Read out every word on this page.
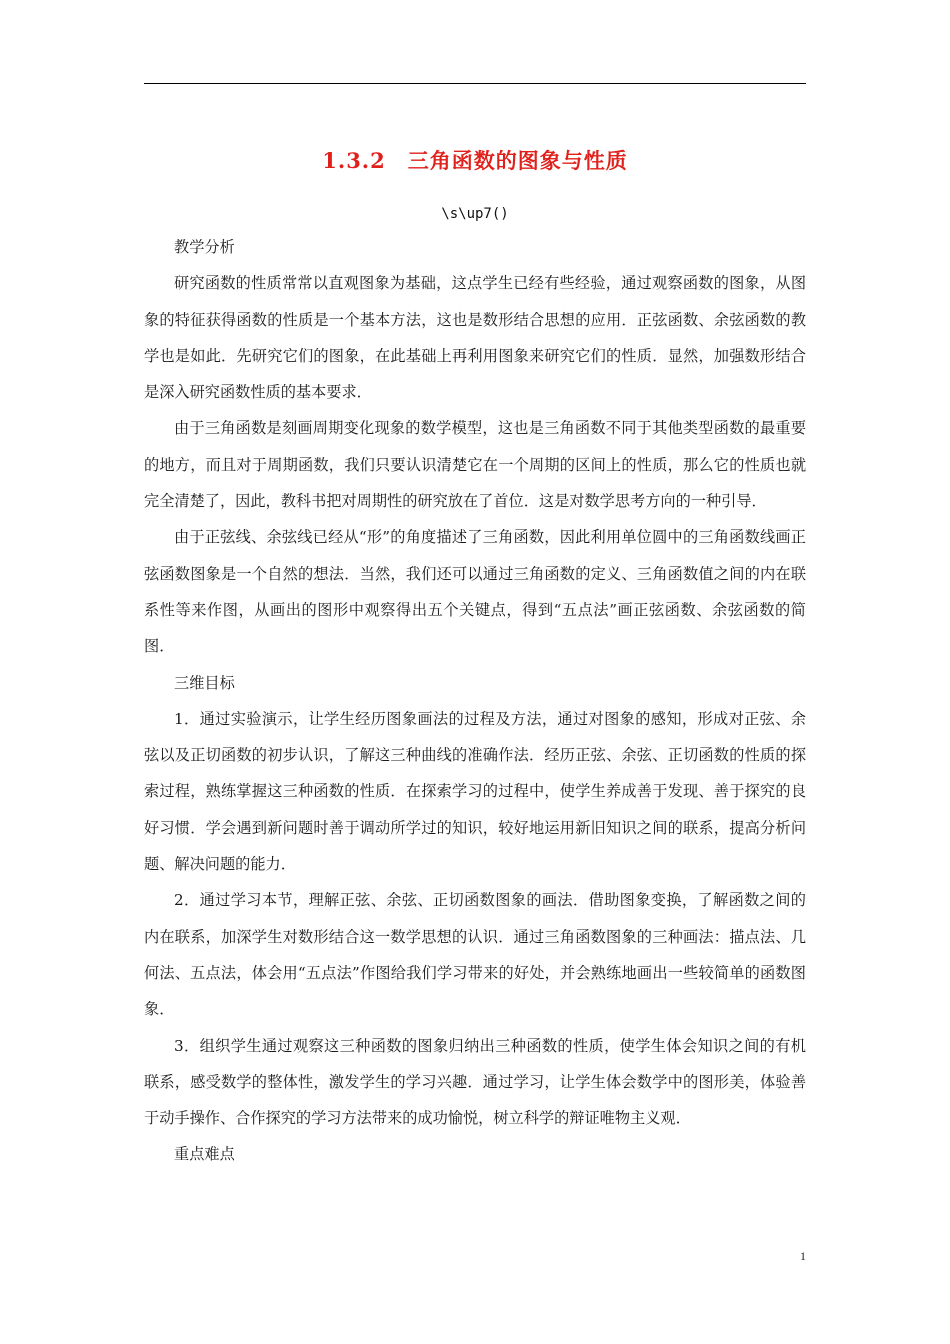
1.3.2　三角函数的图象与性质
\s\up7()

教学分析

研究函数的性质常常以直观图象为基础，这点学生已经有些经验，通过观察函数的图象，从图象的特征获得函数的性质是一个基本方法，这也是数形结合思想的应用．正弦函数、余弦函数的教学也是如此．先研究它们的图象，在此基础上再利用图象来研究它们的性质．显然，加强数形结合是深入研究函数性质的基本要求．

由于三角函数是刻画周期变化现象的数学模型，这也是三角函数不同于其他类型函数的最重要的地方，而且对于周期函数，我们只要认识清楚它在一个周期的区间上的性质，那么它的性质也就完全清楚了，因此，教科书把对周期性的研究放在了首位．这是对数学思考方向的一种引导．

由于正弦线、余弦线已经从“形”的角度描述了三角函数，因此利用单位圆中的三角函数线画正弦函数图象是一个自然的想法．当然，我们还可以通过三角函数的定义、三角函数值之间的内在联系性等来作图，从画出的图形中观察得出五个关键点，得到“五点法”画正弦函数、余弦函数的简图．

三维目标

1．通过实验演示，让学生经历图象画法的过程及方法，通过对图象的感知，形成对正弦、余弦以及正切函数的初步认识，了解这三种曲线的准确作法．经历正弦、余弦、正切函数的性质的探索过程，熟练掌握这三种函数的性质．在探索学习的过程中，使学生养成善于发现、善于探究的良好习惯．学会遇到新问题时善于调动所学过的知识，较好地运用新旧知识之间的联系，提高分析问题、解决问题的能力．

2．通过学习本节，理解正弦、余弦、正切函数图象的画法．借助图象变换，了解函数之间的内在联系，加深学生对数形结合这一数学思想的认识．通过三角函数图象的三种画法：描点法、几何法、五点法，体会用“五点法”作图给我们学习带来的好处，并会熟练地画出一些较简单的函数图象．

3．组织学生通过观察这三种函数的图象归纳出三种函数的性质，使学生体会知识之间的有机联系，感受数学的整体性，激发学生的学习兴趣．通过学习，让学生体会数学中的图形美，体验善于动手操作、合作探究的学习方法带来的成功愉悦，树立科学的辩证唯物主义观．

重点难点

1
